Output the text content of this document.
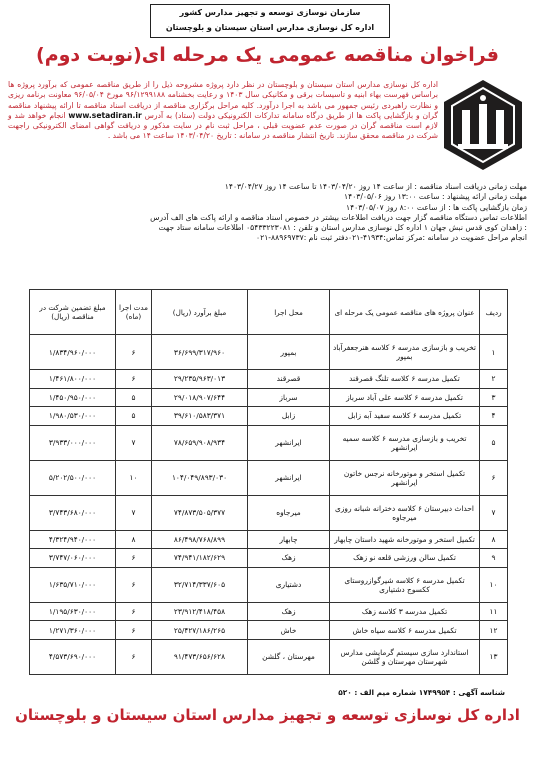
سازمان نوسازی توسعه و تجهیز مدارس کشور
اداره کل نوسازی مدارس استان سیستان و بلوچستان
فراخوان مناقصه عمومی یک مرحله ای(نوبت دوم)

اداره کل نوسازی مدارس استان سیستان و بلوچستان در نظر دارد پروژه مشروحه ذیل را از طریق مناقصه عمومی که برآورد پروژه ها براساس فهرست بهاء ابنیه و تاسیسات برقی و مکانیکی سال ۱۴۰۳ و رعایت بخشنامه ۹۶/۱۲۹۹۱۸۸ مورخ ۹۶/۰۵/۰۴ معاونت برنامه ریزی و نظارت راهبردی رئیس جمهور می باشد به اجرا درآورد. کلیه مراحل برگزاری مناقصه از دریافت اسناد مناقصه تا ارائه پیشنهاد مناقصه گران و بازگشایی پاکت ها از طریق درگاه سامانه تدارکات الکترونیکی دولت (ستاد) به آدرس www.setadiran.ir انجام خواهد شد و لازم است مناقصه گران در صورت عدم عضویت قبلی ، مراحل ثبت نام در سایت مذکور و دریافت گواهی امضای الکترونیکی راجهت شرکت در مناقصه محقق سازند. تاریخ انتشار مناقصه در سامانه : تاریخ ۱۴۰۳/۰۴/۲۰ ساعت ۱۴ می باشد .

مهلت زمانی دریافت اسناد مناقصه : از ساعت ۱۴ روز ۱۴۰۳/۰۴/۲۰ تا ساعت ۱۴ روز ۱۴۰۳/۰۴/۲۷
مهلت زمانی ارائه پیشنهاد : ساعت ۱۳:۰۰ روز ۱۴۰۳/۰۵/۰۶
زمان بازگشایی پاکت ها : از ساعت ۸:۰۰ روز ۱۴۰۳/۰۵/۰۷
اطلاعات تماس دستگاه مناقصه گزار جهت دریافت اطلاعات بیشتر در خصوص اسناد مناقصه و ارائه پاکت های الف آدرس
: زاهدان کوی قدس نبش جهان ۱ اداره کل نوسازی مدارس استان و تلفن : ۰۵۴۳۳۲۲۳۰۸۱ اطلاعات سامانه ستاد جهت
انجام مراحل عضویت در سامانه :مرکز تماس:۴۱۹۳۴-۰۲۱دفتر ثبت نام :۸۸۹۶۹۷۳۷-۰۲۱
ردیف	عنوان پروژه های مناقصه عمومی یک مرحله ای	محل اجرا	مبلغ برآورد (ریال)	مدت اجرا (ماه)	مبلغ تضمین شرکت در مناقصه (ریال)
۱	تخریب و بازسازی مدرسه ۶ کلاسه هنرجعفرآباد بمپور	بمپور	۳۶/۶۹۹/۳۱۷/۹۶۰	۶	۱/۸۳۴/۹۶۰/۰۰۰
۲	تکمیل مدرسه ۶ کلاسه تلنگ قصرقند	قصرقند	۲۹/۲۳۵/۹۶۳/۰۱۳	۶	۱/۴۶۱/۸۰۰/۰۰۰
۳	تکمیل مدرسه ۶ کلاسه علی آباد سرباز	سرباز	۲۹/۰۱۸/۹۰۷/۶۴۴	۵	۱/۴۵۰/۹۵۰/۰۰۰
۴	تکمیل مدرسه ۶ کلاسه سفید آبه زابل	زابل	۳۹/۶۱۰/۵۸۳/۳۷۱	۵	۱/۹۸۰/۵۳۰/۰۰۰
۵	تخریب و بازسازی مدرسه ۶ کلاسه سمیه ایرانشهر	ایرانشهر	۷۸/۶۵۹/۹۰۸/۹۳۴	۷	۳/۹۳۳/۰۰۰/۰۰۰
۶	تکمیل استخر و موتورخانه نرجس خاتون ایرانشهر	ایرانشهر	۱۰۴/۰۴۹/۸۹۳/۰۳۰	۱۰	۵/۲۰۲/۵۰۰/۰۰۰
۷	احداث دبیرستان ۶ کلاسه دخترانه شبانه روزی میرجاوه	میرجاوه	۷۴/۸۷۳/۵۰۵/۳۷۷	۷	۳/۷۴۳/۶۸۰/۰۰۰
۸	تکمیل استخر و موتورخانه شهید داستان چابهار	چابهار	۸۶/۴۹۸/۷۶۸/۸۹۹	۸	۴/۳۲۴/۹۴۰/۰۰۰
۹	تکمیل سالن ورزشی قلعه نو زهک	زهک	۷۴/۹۴۱/۱۸۲/۶۲۹	۶	۳/۷۴۷/۰۶۰/۰۰۰
۱۰	تکمیل مدرسه ۶ کلاسه شیرگوازروستای ککسوج دشتیاری	دشتیاری	۳۲/۷۱۴/۳۳۷/۶۰۵	۶	۱/۶۳۵/۷۱۰/۰۰۰
۱۱	تکمیل مدرسه ۳ کلاسه زهک	زهک	۲۳/۹۱۲/۴۱۸/۴۵۸	۶	۱/۱۹۵/۶۳۰/۰۰۰
۱۲	تکمیل مدرسه ۶ کلاسه سیاه خاش	خاش	۲۵/۴۲۷/۱۸۶/۲۶۵	۶	۱/۲۷۱/۳۶۰/۰۰۰
۱۳	استاندارد سازی سیستم گرمایشی مدارس شهرستان مهرستان و گلشن	مهرستان ، گلشن	۹۱/۴۷۳/۶۵۶/۶۲۸	۶	۴/۵۷۳/۶۹۰/۰۰۰
شناسه آگهی : ۱۷۴۹۹۵۴ شماره میم الف : ۵۲۰
اداره کل نوسازی توسعه و تجهیز مدارس استان سیستان و بلوچستان
